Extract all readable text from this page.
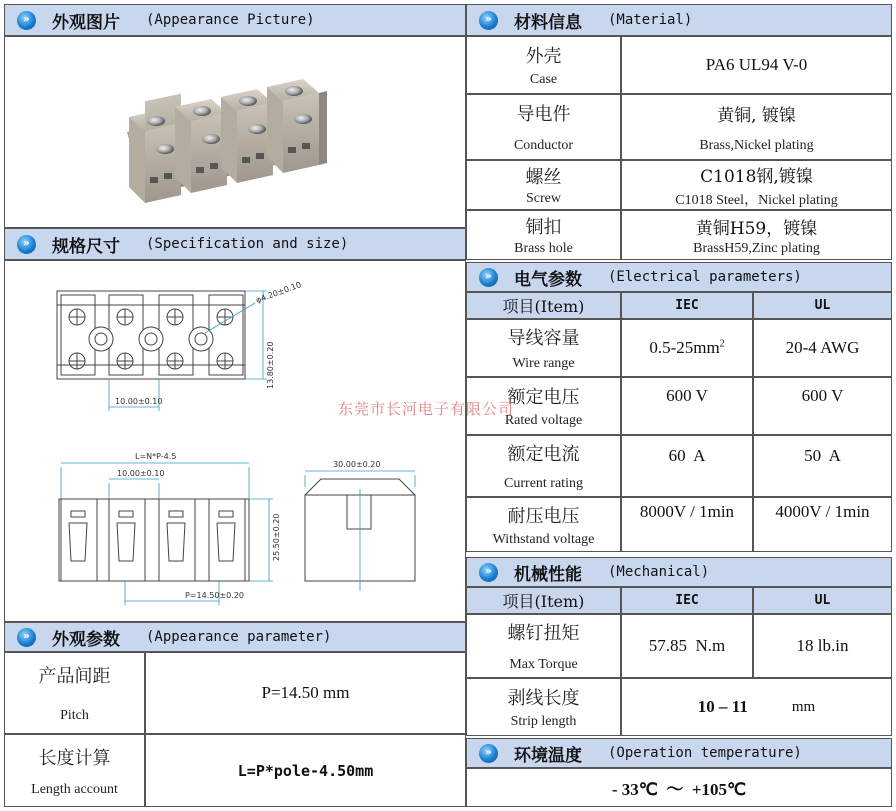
» 外观图片 (Appearance Picture)
» 规格尺寸 (Specification and size)
10.00±0.10
φ4.20±0.10
13.80±0.20
L=N*P-4.5
10.00±0.10
25.50±0.20
P=14.50±0.20
30.00±0.20
» 外观参数 (Appearance parameter)
产品间距
Pitch
P=14.50 mm
长度计算
Length account
L=P*pole-4.50mm
» 材料信息 (Material)
外壳
Case
PA6 UL94 V-0
导电件
Conductor
黄铜, 镀镍
Brass,Nickel plating
螺丝
Screw
C1018钢,镀镍
C1018 Steel，Nickel plating
铜扣
Brass hole
黄铜H59，镀镍
BrassH59,Zinc plating
» 电气参数 (Electrical parameters)
项目(Item)	IEC	UL
导线容量
Wire range
$0.5-25mm^2$	20-4 AWG
额定电压
Rated voltage
600 V	600 V
额定电流
Current rating
60  A	50  A
耐压电压
Withstand voltage
8000V / 1min 4000V / 1min
» 机械性能 (Mechanical)
项目(Item)	IEC	UL
螺钉扭矩
Max Torque
57.85  N.m	18 lb.in
剥线长度
Strip length
10 – 11	mm
» 环境温度 (Operation temperature)
- 33℃  ～  +105℃
东莞市长河电子有限公司
